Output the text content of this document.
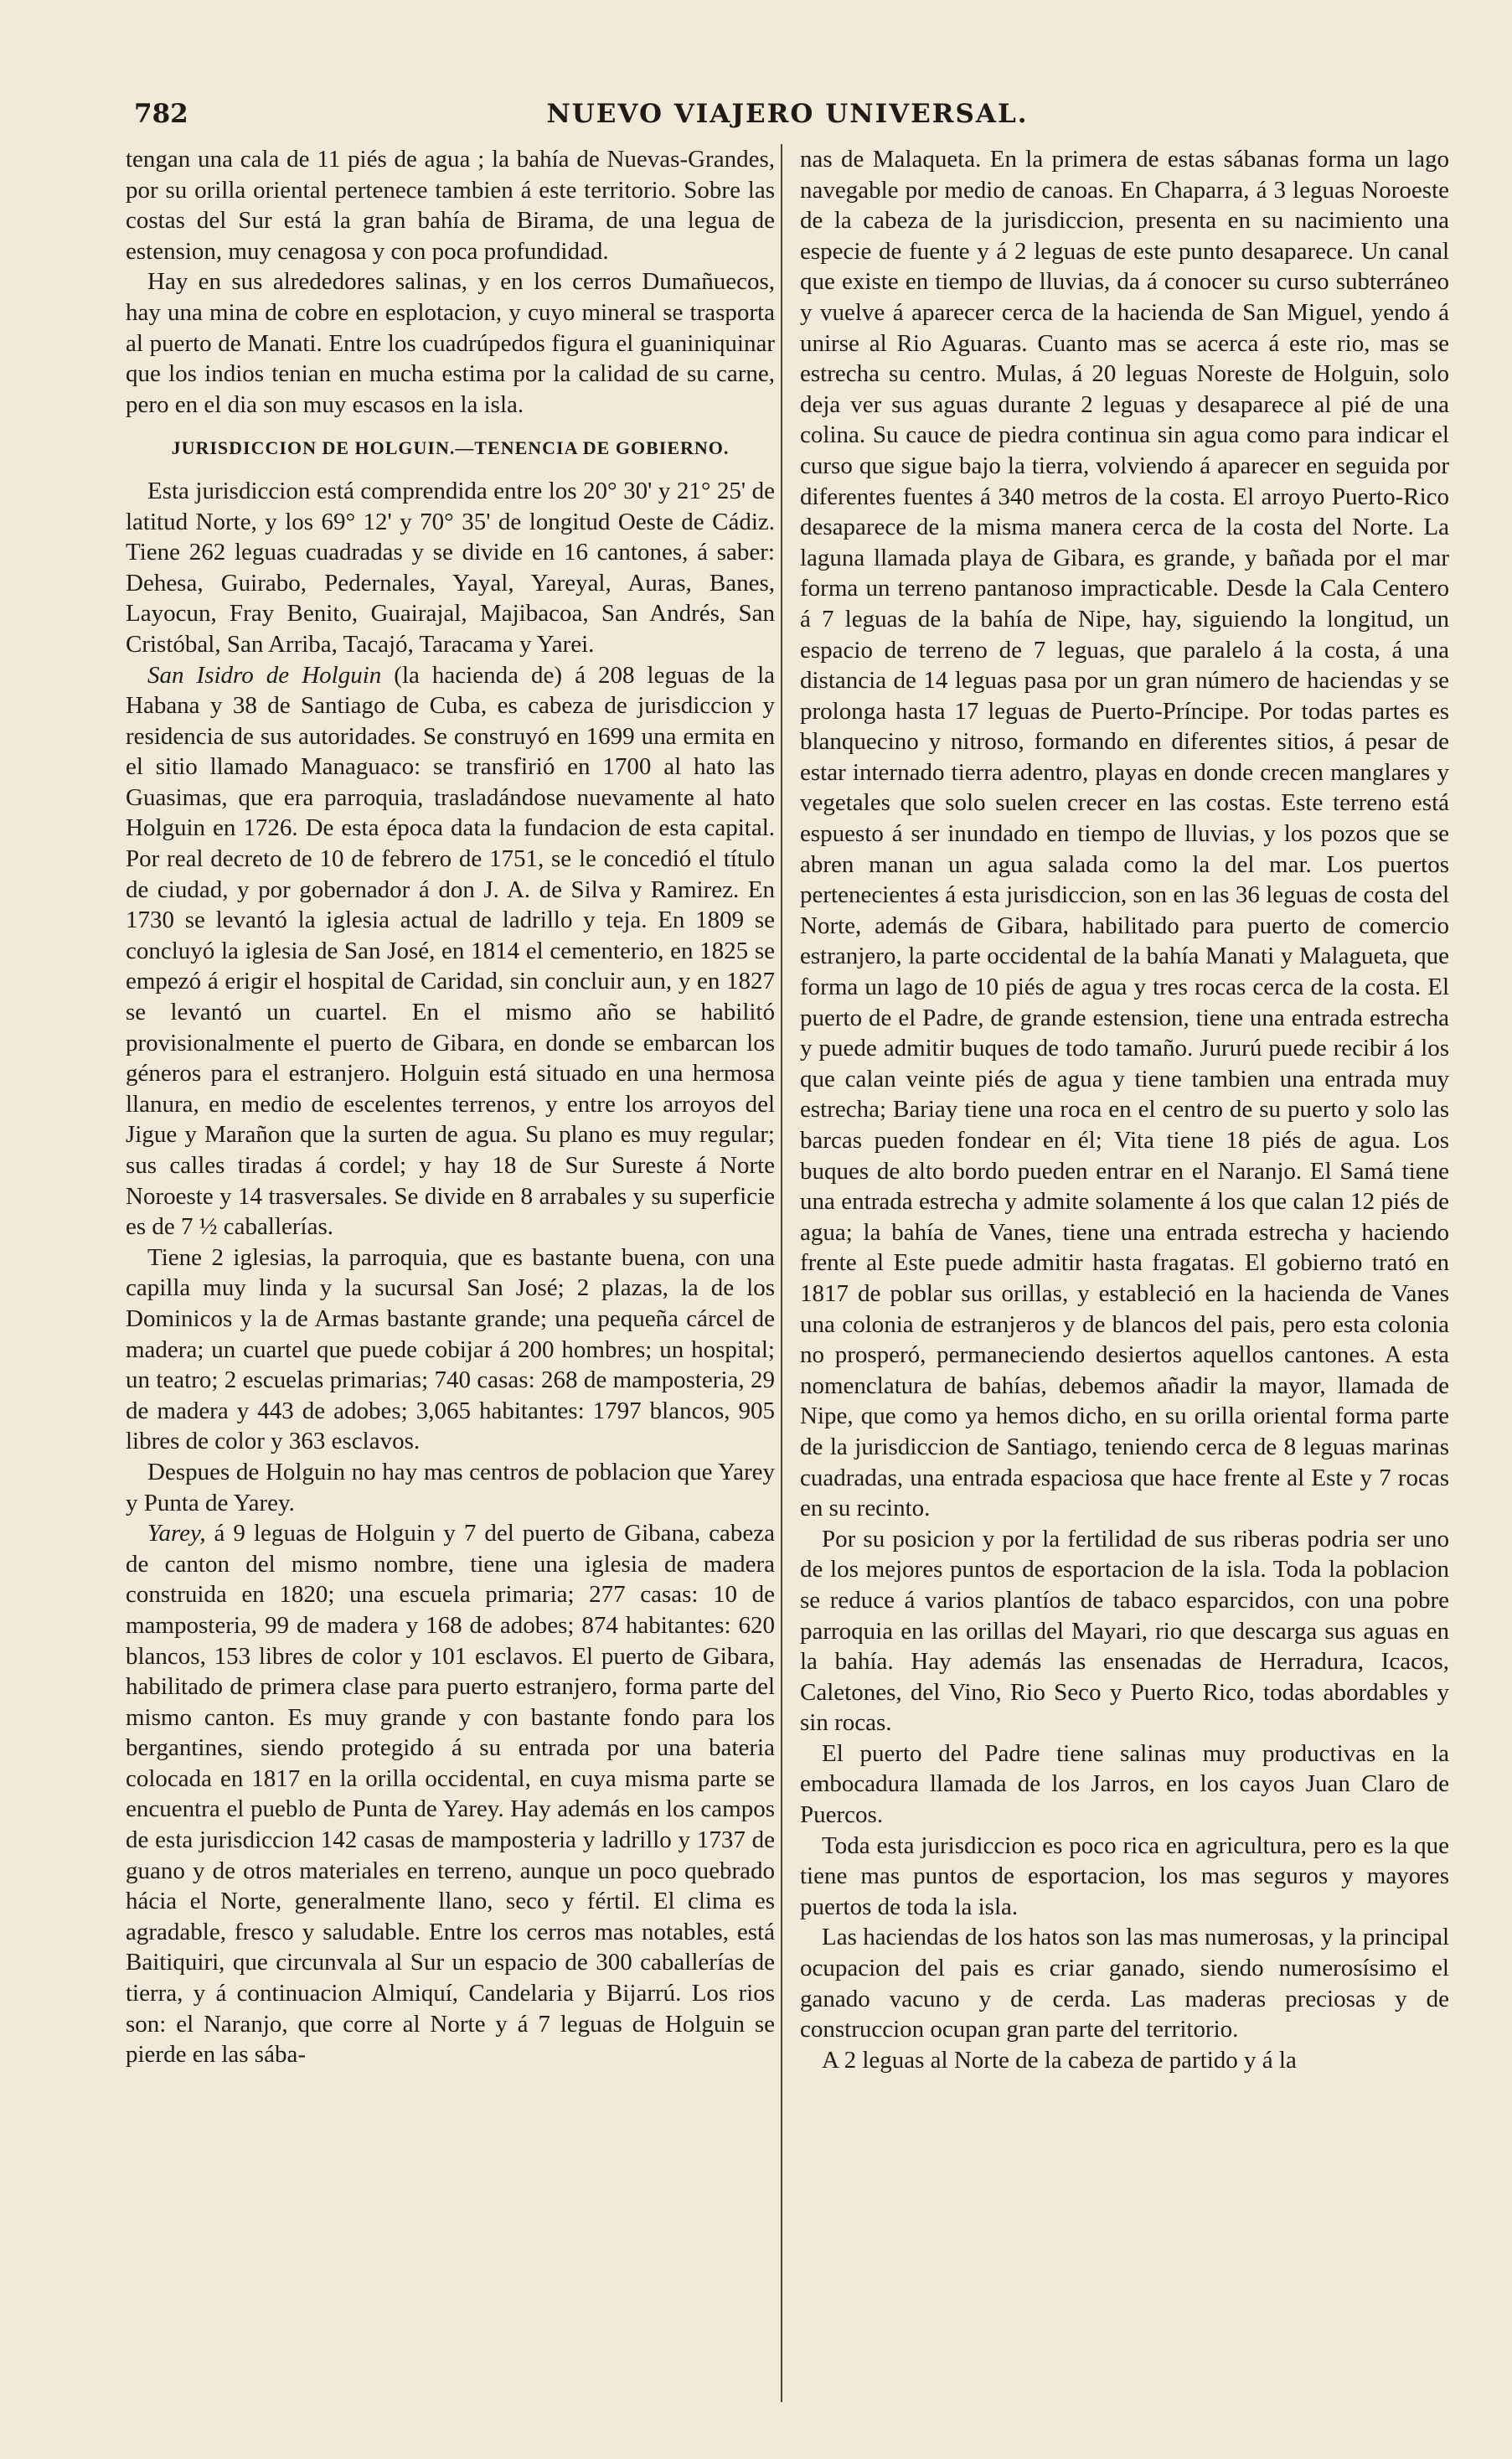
782	NUEVO VIAJERO UNIVERSAL.

tengan una cala de 11 piés de agua ; la bahía de Nuevas-Grandes, por su orilla oriental pertenece tambien á este territorio. Sobre las costas del Sur está la gran bahía de Birama, de una legua de estension, muy cenagosa y con poca profundidad.

Hay en sus alrededores salinas, y en los cerros Dumañuecos, hay una mina de cobre en esplotacion, y cuyo mineral se trasporta al puerto de Manati. Entre los cuadrúpedos figura el guaniniquinar que los indios tenian en mucha estima por la calidad de su carne, pero en el dia son muy escasos en la isla.

JURISDICCION DE HOLGUIN.—TENENCIA DE GOBIERNO.

Esta jurisdiccion está comprendida entre los 20° 30' y 21° 25' de latitud Norte, y los 69° 12' y 70° 35' de longitud Oeste de Cádiz. Tiene 262 leguas cuadradas y se divide en 16 cantones, á saber: Dehesa, Guirabo, Pedernales, Yayal, Yareyal, Auras, Banes, Layocun, Fray Benito, Guairajal, Majibacoa, San Andrés, San Cristóbal, San Arriba, Tacajó, Taracama y Yarei.

San Isidro de Holguin (la hacienda de) á 208 leguas de la Habana y 38 de Santiago de Cuba, es cabeza de jurisdiccion y residencia de sus autoridades. Se construyó en 1699 una ermita en el sitio llamado Managuaco: se transfirió en 1700 al hato las Guasimas, que era parroquia, trasladándose nuevamente al hato Holguin en 1726. De esta época data la fundacion de esta capital. Por real decreto de 10 de febrero de 1751, se le concedió el título de ciudad, y por gobernador á don J. A. de Silva y Ramirez. En 1730 se levantó la iglesia actual de ladrillo y teja. En 1809 se concluyó la iglesia de San José, en 1814 el cementerio, en 1825 se empezó á erigir el hospital de Caridad, sin concluir aun, y en 1827 se levantó un cuartel. En el mismo año se habilitó provisionalmente el puerto de Gibara, en donde se embarcan los géneros para el estranjero. Holguin está situado en una hermosa llanura, en medio de escelentes terrenos, y entre los arroyos del Jigue y Marañon que la surten de agua. Su plano es muy regular; sus calles tiradas á cordel; y hay 18 de Sur Sureste á Norte Noroeste y 14 trasversales. Se divide en 8 arrabales y su superficie es de 7 ½ caballerías.

Tiene 2 iglesias, la parroquia, que es bastante buena, con una capilla muy linda y la sucursal San José; 2 plazas, la de los Dominicos y la de Armas bastante grande; una pequeña cárcel de madera; un cuartel que puede cobijar á 200 hombres; un hospital; un teatro; 2 escuelas primarias; 740 casas: 268 de mamposteria, 29 de madera y 443 de adobes; 3,065 habitantes: 1797 blancos, 905 libres de color y 363 esclavos.

Despues de Holguin no hay mas centros de poblacion que Yarey y Punta de Yarey.

Yarey, á 9 leguas de Holguin y 7 del puerto de Gibana, cabeza de canton del mismo nombre, tiene una iglesia de madera construida en 1820; una escuela primaria; 277 casas: 10 de mamposteria, 99 de madera y 168 de adobes; 874 habitantes: 620 blancos, 153 libres de color y 101 esclavos. El puerto de Gibara, habilitado de primera clase para puerto estranjero, forma parte del mismo canton. Es muy grande y con bastante fondo para los bergantines, siendo protegido á su entrada por una bateria colocada en 1817 en la orilla occidental, en cuya misma parte se encuentra el pueblo de Punta de Yarey. Hay además en los campos de esta jurisdiccion 142 casas de mamposteria y ladrillo y 1737 de guano y de otros materiales en terreno, aunque un poco quebrado hácia el Norte, generalmente llano, seco y fértil. El clima es agradable, fresco y saludable. Entre los cerros mas notables, está Baitiquiri, que circunvala al Sur un espacio de 300 caballerías de tierra, y á continuacion Almiquí, Candelaria y Bijarrú. Los rios son: el Naranjo, que corre al Norte y á 7 leguas de Holguin se pierde en las sába-

nas de Malaqueta. En la primera de estas sábanas forma un lago navegable por medio de canoas. En Chaparra, á 3 leguas Noroeste de la cabeza de la jurisdiccion, presenta en su nacimiento una especie de fuente y á 2 leguas de este punto desaparece. Un canal que existe en tiempo de lluvias, da á conocer su curso subterráneo y vuelve á aparecer cerca de la hacienda de San Miguel, yendo á unirse al Rio Aguaras. Cuanto mas se acerca á este rio, mas se estrecha su centro. Mulas, á 20 leguas Noreste de Holguin, solo deja ver sus aguas durante 2 leguas y desaparece al pié de una colina. Su cauce de piedra continua sin agua como para indicar el curso que sigue bajo la tierra, volviendo á aparecer en seguida por diferentes fuentes á 340 metros de la costa. El arroyo Puerto-Rico desaparece de la misma manera cerca de la costa del Norte. La laguna llamada playa de Gibara, es grande, y bañada por el mar forma un terreno pantanoso impracticable. Desde la Cala Centero á 7 leguas de la bahía de Nipe, hay, siguiendo la longitud, un espacio de terreno de 7 leguas, que paralelo á la costa, á una distancia de 14 leguas pasa por un gran número de haciendas y se prolonga hasta 17 leguas de Puerto-Príncipe. Por todas partes es blanquecino y nitroso, formando en diferentes sitios, á pesar de estar internado tierra adentro, playas en donde crecen manglares y vegetales que solo suelen crecer en las costas. Este terreno está espuesto á ser inundado en tiempo de lluvias, y los pozos que se abren manan un agua salada como la del mar. Los puertos pertenecientes á esta jurisdiccion, son en las 36 leguas de costa del Norte, además de Gibara, habilitado para puerto de comercio estranjero, la parte occidental de la bahía Manati y Malagueta, que forma un lago de 10 piés de agua y tres rocas cerca de la costa. El puerto de el Padre, de grande estension, tiene una entrada estrecha y puede admitir buques de todo tamaño. Jururú puede recibir á los que calan veinte piés de agua y tiene tambien una entrada muy estrecha; Bariay tiene una roca en el centro de su puerto y solo las barcas pueden fondear en él; Vita tiene 18 piés de agua. Los buques de alto bordo pueden entrar en el Naranjo. El Samá tiene una entrada estrecha y admite solamente á los que calan 12 piés de agua; la bahía de Vanes, tiene una entrada estrecha y haciendo frente al Este puede admitir hasta fragatas. El gobierno trató en 1817 de poblar sus orillas, y estableció en la hacienda de Vanes una colonia de estranjeros y de blancos del pais, pero esta colonia no prosperó, permaneciendo desiertos aquellos cantones. A esta nomenclatura de bahías, debemos añadir la mayor, llamada de Nipe, que como ya hemos dicho, en su orilla oriental forma parte de la jurisdiccion de Santiago, teniendo cerca de 8 leguas marinas cuadradas, una entrada espaciosa que hace frente al Este y 7 rocas en su recinto.

Por su posicion y por la fertilidad de sus riberas podria ser uno de los mejores puntos de esportacion de la isla. Toda la poblacion se reduce á varios plantíos de tabaco esparcidos, con una pobre parroquia en las orillas del Mayari, rio que descarga sus aguas en la bahía. Hay además las ensenadas de Herradura, Icacos, Caletones, del Vino, Rio Seco y Puerto Rico, todas abordables y sin rocas.

El puerto del Padre tiene salinas muy productivas en la embocadura llamada de los Jarros, en los cayos Juan Claro de Puercos.

Toda esta jurisdiccion es poco rica en agricultura, pero es la que tiene mas puntos de esportacion, los mas seguros y mayores puertos de toda la isla.

Las haciendas de los hatos son las mas numerosas, y la principal ocupacion del pais es criar ganado, siendo numerosísimo el ganado vacuno y de cerda. Las maderas preciosas y de construccion ocupan gran parte del territorio.

A 2 leguas al Norte de la cabeza de partido y á la
